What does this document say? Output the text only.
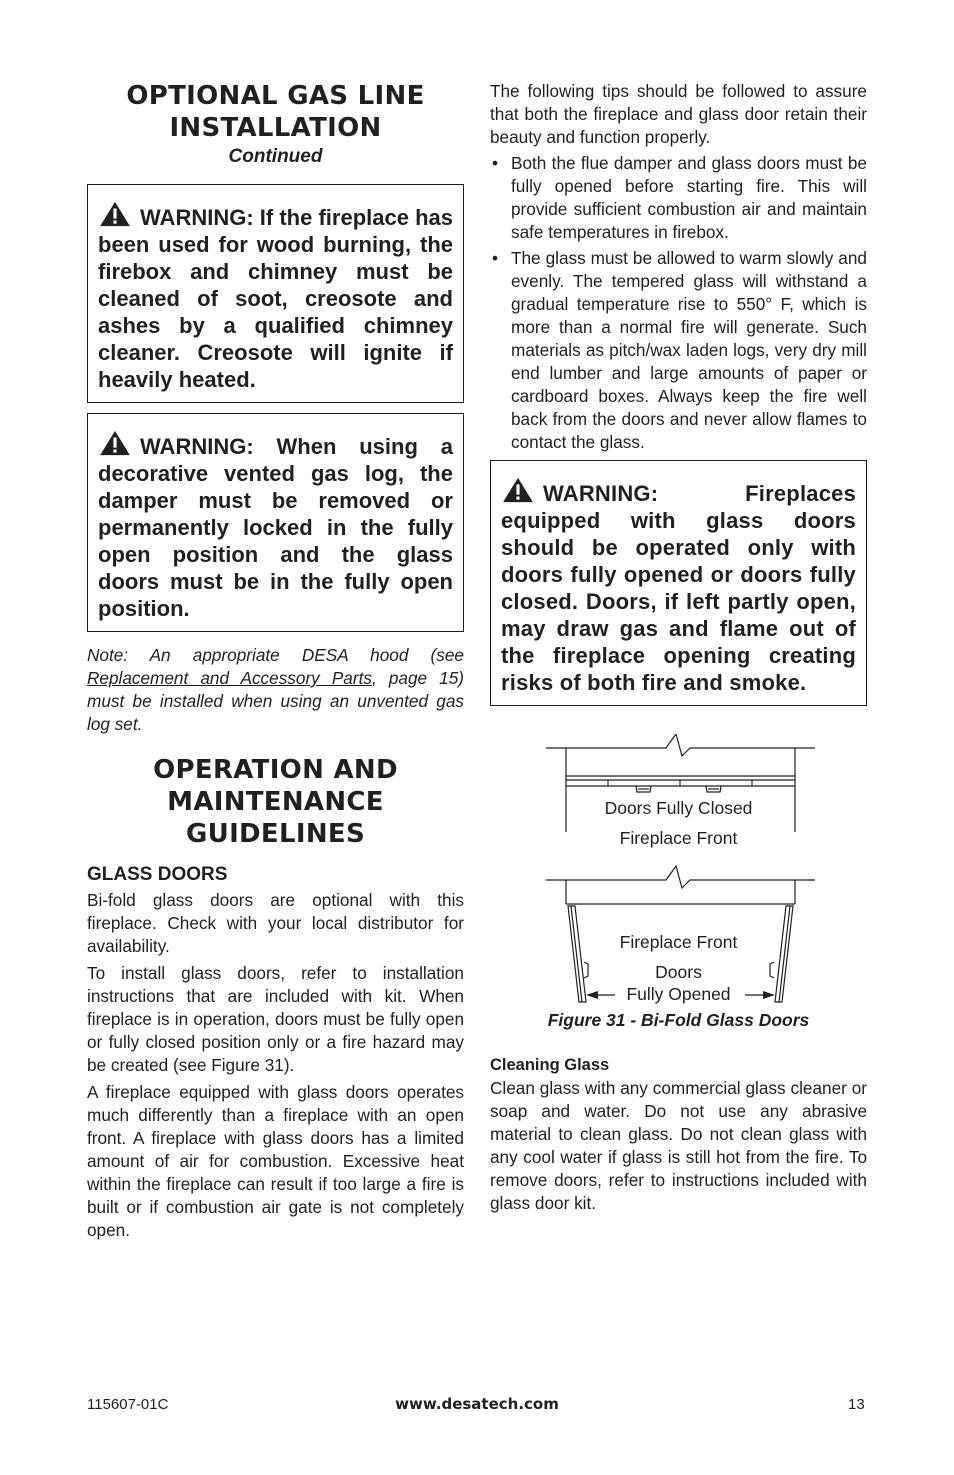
OPTIONAL GAS LINE
INSTALLATION
Continued
WARNING: If the fireplace has been used for wood burning, the firebox and chimney must be cleaned of soot, creosote and ashes by a qualified chimney cleaner. Creosote will ignite if heavily heated.
WARNING: When using a decorative vented gas log, the damper must be removed or permanently locked in the fully open position and the glass doors must be in the fully open position.

Note: An appropriate DESA hood (see Replacement and Accessory Parts, page 15) must be installed when using an unvented gas log set.

OPERATION AND
MAINTENANCE
GUIDELINES
GLASS DOORS

Bi-fold glass doors are optional with this fireplace. Check with your local distributor for availability.

To install glass doors, refer to installation instructions that are included with kit. When fireplace is in operation, doors must be fully open or fully closed position only or a fire hazard may be created (see Figure 31).

A fireplace equipped with glass doors operates much differently than a fireplace with an open front. A fireplace with glass doors has a limited amount of air for combustion. Excessive heat within the fireplace can result if too large a fire is built or if combustion air gate is not completely open.

The following tips should be followed to assure that both the fireplace and glass door retain their beauty and function properly.

• Both the flue damper and glass doors must be fully opened before starting fire. This will provide sufficient combustion air and maintain safe temperatures in firebox.
• The glass must be allowed to warm slowly and evenly. The tempered glass will withstand a gradual temperature rise to 550° F, which is more than a normal fire will generate. Such materials as pitch/wax laden logs, very dry mill end lumber and large amounts of paper or cardboard boxes. Always keep the fire well back from the doors and never allow flames to contact the glass.
WARNING: Fireplaces equipped with glass doors should be operated only with doors fully opened or doors fully closed. Doors, if left partly open, may draw gas and flame out of the fireplace opening creating risks of both fire and smoke.
Doors Fully Closed
Fireplace Front
Fireplace Front
Doors
Fully Opened
Figure 31 - Bi-Fold Glass Doors
Cleaning Glass

Clean glass with any commercial glass cleaner or soap and water. Do not use any abrasive material to clean glass. Do not clean glass with any cool water if glass is still hot from the fire. To remove doors, refer to instructions included with glass door kit.

115607-01C	www.desatech.com	13
